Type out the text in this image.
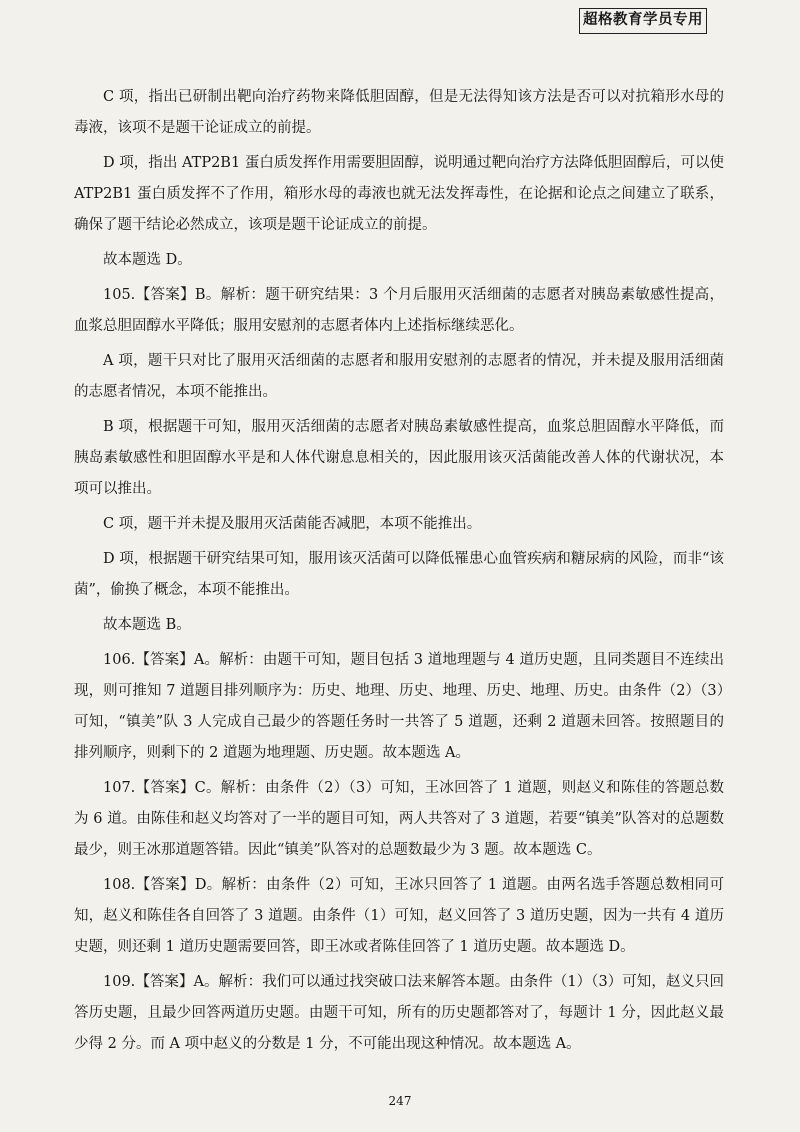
超格教育学员专用

C 项，指出已研制出靶向治疗药物来降低胆固醇，但是无法得知该方法是否可以对抗箱形水母的毒液，该项不是题干论证成立的前提。

D 项，指出 ATP2B1 蛋白质发挥作用需要胆固醇，说明通过靶向治疗方法降低胆固醇后，可以使 ATP2B1 蛋白质发挥不了作用，箱形水母的毒液也就无法发挥毒性，在论据和论点之间建立了联系，确保了题干结论必然成立，该项是题干论证成立的前提。

故本题选 D。

105.【答案】B。解析：题干研究结果：3 个月后服用灭活细菌的志愿者对胰岛素敏感性提高，血浆总胆固醇水平降低；服用安慰剂的志愿者体内上述指标继续恶化。

A 项，题干只对比了服用灭活细菌的志愿者和服用安慰剂的志愿者的情况，并未提及服用活细菌的志愿者情况，本项不能推出。

B 项，根据题干可知，服用灭活细菌的志愿者对胰岛素敏感性提高，血浆总胆固醇水平降低，而胰岛素敏感性和胆固醇水平是和人体代谢息息相关的，因此服用该灭活菌能改善人体的代谢状况，本项可以推出。

C 项，题干并未提及服用灭活菌能否减肥，本项不能推出。

D 项，根据题干研究结果可知，服用该灭活菌可以降低罹患心血管疾病和糖尿病的风险，而非“该菌”，偷换了概念，本项不能推出。

故本题选 B。

106.【答案】A。解析：由题干可知，题目包括 3 道地理题与 4 道历史题，且同类题目不连续出现，则可推知 7 道题目排列顺序为：历史、地理、历史、地理、历史、地理、历史。由条件（2）（3）可知，“镇美”队 3 人完成自己最少的答题任务时一共答了 5 道题，还剩 2 道题未回答。按照题目的排列顺序，则剩下的 2 道题为地理题、历史题。故本题选 A。

107.【答案】C。解析：由条件（2）（3）可知，王冰回答了 1 道题，则赵义和陈佳的答题总数为 6 道。由陈佳和赵义均答对了一半的题目可知，两人共答对了 3 道题，若要“镇美”队答对的总题数最少，则王冰那道题答错。因此“镇美”队答对的总题数最少为 3 题。故本题选 C。

108.【答案】D。解析：由条件（2）可知，王冰只回答了 1 道题。由两名选手答题总数相同可知，赵义和陈佳各自回答了 3 道题。由条件（1）可知，赵义回答了 3 道历史题，因为一共有 4 道历史题，则还剩 1 道历史题需要回答，即王冰或者陈佳回答了 1 道历史题。故本题选 D。

109.【答案】A。解析：我们可以通过找突破口法来解答本题。由条件（1）（3）可知，赵义只回答历史题，且最少回答两道历史题。由题干可知，所有的历史题都答对了，每题计 1 分，因此赵义最少得 2 分。而 A 项中赵义的分数是 1 分，不可能出现这种情况。故本题选 A。

247
